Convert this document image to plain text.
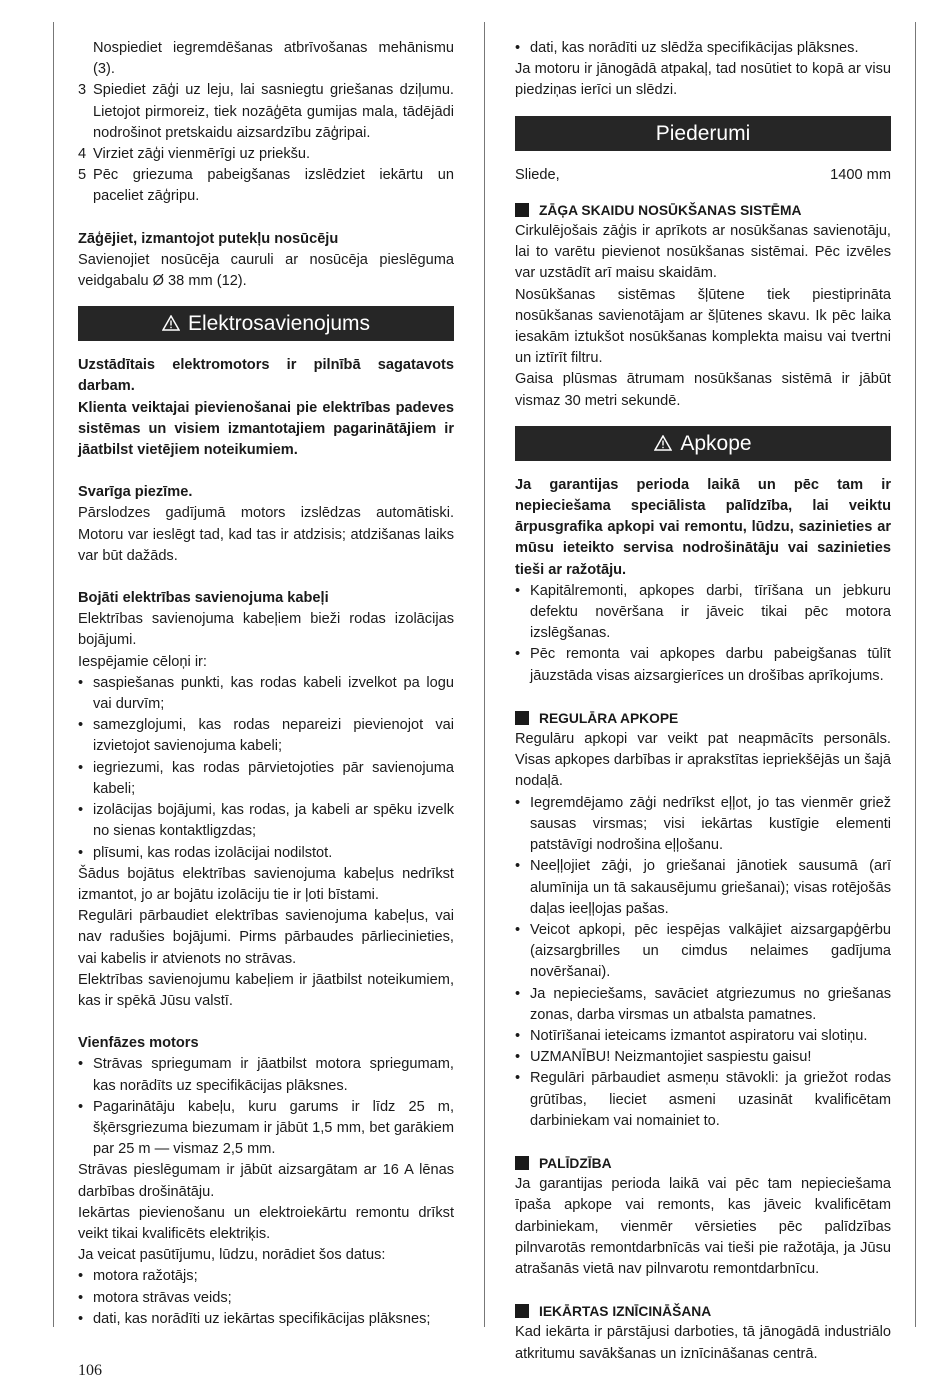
Nospiediet iegremdēšanas atbrīvošanas mehānismu (3).
3 Spiediet zāģi uz leju, lai sasniegtu griešanas dziļumu. Lietojot pirmoreiz, tiek nozāģēta gumijas mala, tādējādi nodrošinot pretskaidu aizsardzību zāģripai.
4 Virziet zāģi vienmērīgi uz priekšu.
5 Pēc griezuma pabeigšanas izslēdziet iekārtu un paceliet zāģripu.

Zāģējiet, izmantojot putekļu nosūcēju

Savienojiet nosūcēja cauruli ar nosūcēja pieslēguma veidgabalu Ø 38 mm (12).

Elektrosavienojums

Uzstādītais elektromotors ir pilnībā sagatavots darbam.

Klienta veiktajai pievienošanai pie elektrības padeves sistēmas un visiem izmantotajiem pagarinātājiem ir jāatbilst vietējiem noteikumiem.

Svarīga piezīme.

Pārslodzes gadījumā motors izslēdzas automātiski. Motoru var ieslēgt tad, kad tas ir atdzisis; atdzišanas laiks var būt dažāds.

Bojāti elektrības savienojuma kabeļi

Elektrības savienojuma kabeļiem bieži rodas izolācijas bojājumi.

Iespējamie cēloņi ir:

• saspiešanas punkti, kas rodas kabeli izvelkot pa logu vai durvīm;
• samezglojumi, kas rodas nepareizi pievienojot vai izvietojot savienojuma kabeli;
• iegriezumi, kas rodas pārvietojoties pār savienojuma kabeli;
• izolācijas bojājumi, kas rodas, ja kabeli ar spēku izvelk no sienas kontaktligzdas;
• plīsumi, kas rodas izolācijai nodilstot.

Šādus bojātus elektrības savienojuma kabeļus nedrīkst izmantot, jo ar bojātu izolāciju tie ir ļoti bīstami.

Regulāri pārbaudiet elektrības savienojuma kabeļus, vai nav radušies bojājumi. Pirms pārbaudes pārliecinieties, vai kabelis ir atvienots no strāvas.

Elektrības savienojumu kabeļiem ir jāatbilst noteikumiem, kas ir spēkā Jūsu valstī.

Vienfāzes motors

• Strāvas spriegumam ir jāatbilst motora spriegumam, kas norādīts uz specifikācijas plāksnes.
• Pagarinātāju kabeļu, kuru garums ir līdz 25 m, šķērsgriezuma biezumam ir jābūt 1,5 mm, bet garākiem par 25 m — vismaz 2,5 mm.

Strāvas pieslēgumam ir jābūt aizsargātam ar 16 A lēnas darbības drošinātāju.

Iekārtas pievienošanu un elektroiekārtu remontu drīkst veikt tikai kvalificēts elektriķis.

Ja veicat pasūtījumu, lūdzu, norādiet šos datus:

• motora ražotājs;
• motora strāvas veids;
• dati, kas norādīti uz iekārtas specifikācijas plāksnes;
• dati, kas norādīti uz slēdža specifikācijas plāksnes.

Ja motoru ir jānogādā atpakaļ, tad nosūtiet to kopā ar visu piedziņas ierīci un slēdzi.

Piederumi
Sliede,	1400 mm

ZĀĢA SKAIDU NOSŪKŠANAS SISTĒMA

Cirkulējošais zāģis ir aprīkots ar nosūkšanas savienotāju, lai to varētu pievienot nosūkšanas sistēmai. Pēc izvēles var uzstādīt arī maisu skaidām.

Nosūkšanas sistēmas šļūtene tiek piestiprināta nosūkšanas savienotājam ar šļūtenes skavu. Ik pēc laika iesakām iztukšot nosūkšanas komplekta maisu vai tvertni un iztīrīt filtru.

Gaisa plūsmas ātrumam nosūkšanas sistēmā ir jābūt vismaz 30 metri sekundē.

Apkope

Ja garantijas perioda laikā un pēc tam ir nepieciešama speciālista palīdzība, lai veiktu ārpusgrafika apkopi vai remontu, lūdzu, sazinieties ar mūsu ieteikto servisa nodrošinātāju vai sazinieties tieši ar ražotāju.

• Kapitālremonti, apkopes darbi, tīrīšana un jebkuru defektu novēršana ir jāveic tikai pēc motora izslēgšanas.
• Pēc remonta vai apkopes darbu pabeigšanas tūlīt jāuzstāda visas aizsargierīces un drošības aprīkojums.

REGULĀRA APKOPE

Regulāru apkopi var veikt pat neapmācīts personāls. Visas apkopes darbības ir aprakstītas iepriekšējās un šajā nodaļā.

• Iegremdējamo zāģi nedrīkst eļļot, jo tas vienmēr griež sausas virsmas; visi iekārtas kustīgie elementi patstāvīgi nodrošina eļļošanu.
• Neeļļojiet zāģi, jo griešanai jānotiek sausumā (arī alumīnija un tā sakausējumu griešanai); visas rotējošās daļas ieeļļojas pašas.
• Veicot apkopi, pēc iespējas valkājiet aizsargapģērbu (aizsargbrilles un cimdus nelaimes gadījuma novēršanai).
• Ja nepieciešams, savāciet atgriezumus no griešanas zonas, darba virsmas un atbalsta pamatnes.
• Notīrīšanai ieteicams izmantot aspiratoru vai slotiņu.
• UZMANĪBU! Neizmantojiet saspiestu gaisu!
• Regulāri pārbaudiet asmeņu stāvokli: ja griežot rodas grūtības, lieciet asmeni uzasināt kvalificētam darbiniekam vai nomainiet to.

PALĪDZĪBA

Ja garantijas perioda laikā vai pēc tam nepieciešama īpaša apkope vai remonts, kas jāveic kvalificētam darbiniekam, vienmēr vērsieties pēc palīdzības pilnvarotās remontdarbnīcās vai tieši pie ražotāja, ja Jūsu atrašanās vietā nav pilnvarotu remontdarbnīcu.

IEKĀRTAS IZNĪCINĀŠANA

Kad iekārta ir pārstājusi darboties, tā jānogādā industriālo atkritumu savākšanas un iznīcināšanas centrā.

106
